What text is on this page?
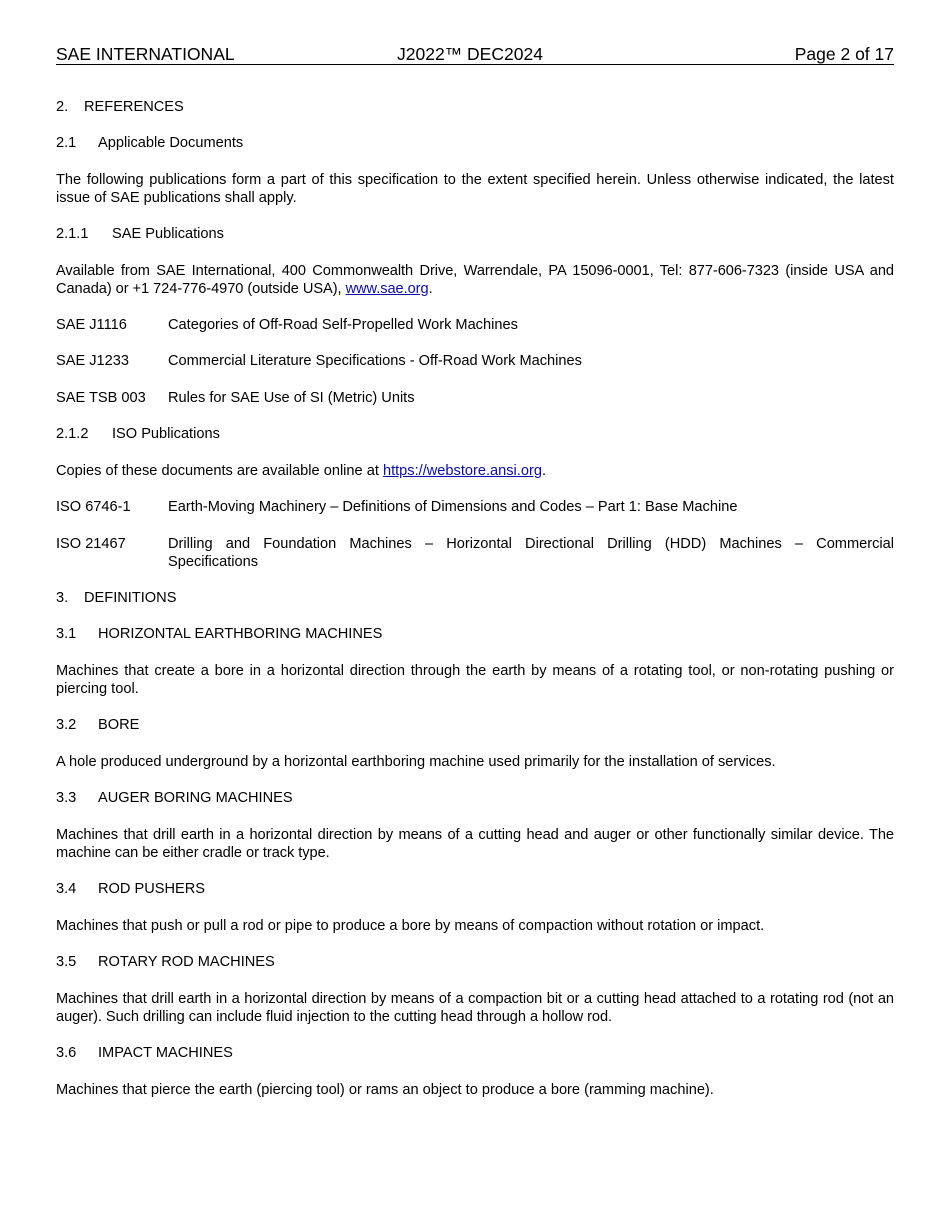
SAE INTERNATIONAL	J2022™ DEC2024	Page 2 of 17
2. REFERENCES
2.1 Applicable Documents
The following publications form a part of this specification to the extent specified herein. Unless otherwise indicated, the latest issue of SAE publications shall apply.
2.1.1 SAE Publications
Available from SAE International, 400 Commonwealth Drive, Warrendale, PA 15096-0001, Tel: 877-606-7323 (inside USA and Canada) or +1 724-776-4970 (outside USA), www.sae.org.
SAE J1116	Categories of Off-Road Self-Propelled Work Machines
SAE J1233	Commercial Literature Specifications - Off-Road Work Machines
SAE TSB 003	Rules for SAE Use of SI (Metric) Units
2.1.2 ISO Publications
Copies of these documents are available online at https://webstore.ansi.org.
ISO 6746-1	Earth-Moving Machinery – Definitions of Dimensions and Codes – Part 1: Base Machine
ISO 21467	Drilling and Foundation Machines – Horizontal Directional Drilling (HDD) Machines – Commercial Specifications
3. DEFINITIONS
3.1 HORIZONTAL EARTHBORING MACHINES
Machines that create a bore in a horizontal direction through the earth by means of a rotating tool, or non-rotating pushing or piercing tool.
3.2 BORE
A hole produced underground by a horizontal earthboring machine used primarily for the installation of services.
3.3 AUGER BORING MACHINES
Machines that drill earth in a horizontal direction by means of a cutting head and auger or other functionally similar device. The machine can be either cradle or track type.
3.4 ROD PUSHERS
Machines that push or pull a rod or pipe to produce a bore by means of compaction without rotation or impact.
3.5 ROTARY ROD MACHINES
Machines that drill earth in a horizontal direction by means of a compaction bit or a cutting head attached to a rotating rod (not an auger). Such drilling can include fluid injection to the cutting head through a hollow rod.
3.6 IMPACT MACHINES
Machines that pierce the earth (piercing tool) or rams an object to produce a bore (ramming machine).
